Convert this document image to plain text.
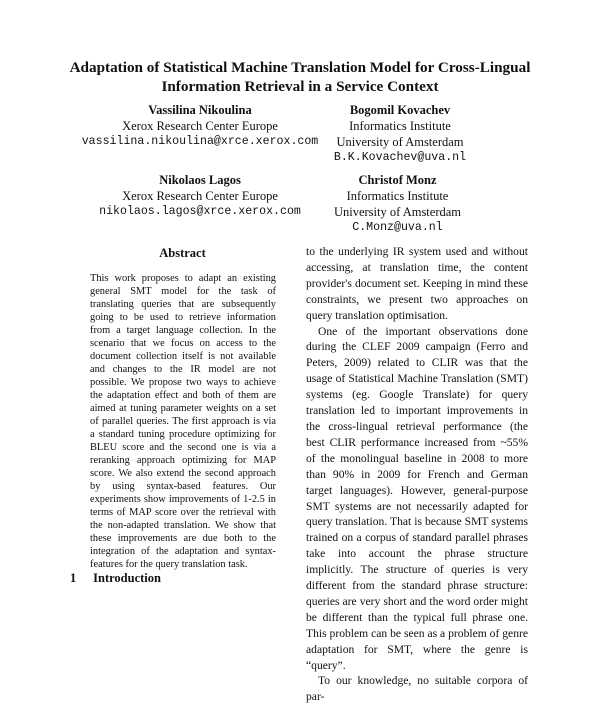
Adaptation of Statistical Machine Translation Model for Cross-Lingual Information Retrieval in a Service Context
Vassilina Nikoulina
Xerox Research Center Europe
vassilina.nikoulina@xrce.xerox.com
Bogomil Kovachev
Informatics Institute
University of Amsterdam
B.K.Kovachev@uva.nl
Nikolaos Lagos
Xerox Research Center Europe
nikolaos.lagos@xrce.xerox.com
Christof Monz
Informatics Institute
University of Amsterdam
C.Monz@uva.nl
Abstract

This work proposes to adapt an existing general SMT model for the task of translating queries that are subsequently going to be used to retrieve information from a target language collection. In the scenario that we focus on access to the document collection itself is not available and changes to the IR model are not possible. We propose two ways to achieve the adaptation effect and both of them are aimed at tuning parameter weights on a set of parallel queries. The first approach is via a standard tuning procedure optimizing for BLEU score and the second one is via a reranking approach optimizing for MAP score. We also extend the second approach by using syntax-based features. Our experiments show improvements of 1-2.5 in terms of MAP score over the retrieval with the non-adapted translation. We show that these improvements are due both to the integration of the adaptation and syntax-features for the query translation task.

1 Introduction

to the underlying IR system used and without accessing, at translation time, the content provider's document set. Keeping in mind these constraints, we present two approaches on query translation optimisation.

One of the important observations done during the CLEF 2009 campaign (Ferro and Peters, 2009) related to CLIR was that the usage of Statistical Machine Translation (SMT) systems (eg. Google Translate) for query translation led to important improvements in the cross-lingual retrieval performance (the best CLIR performance increased from ~55% of the monolingual baseline in 2008 to more than 90% in 2009 for French and German target languages). However, general-purpose SMT systems are not necessarily adapted for query translation. That is because SMT systems trained on a corpus of standard parallel phrases take into account the phrase structure implicitly. The structure of queries is very different from the standard phrase structure: queries are very short and the word order might be different than the typical full phrase one. This problem can be seen as a problem of genre adaptation for SMT, where the genre is “query”.

To our knowledge, no suitable corpora of par-
